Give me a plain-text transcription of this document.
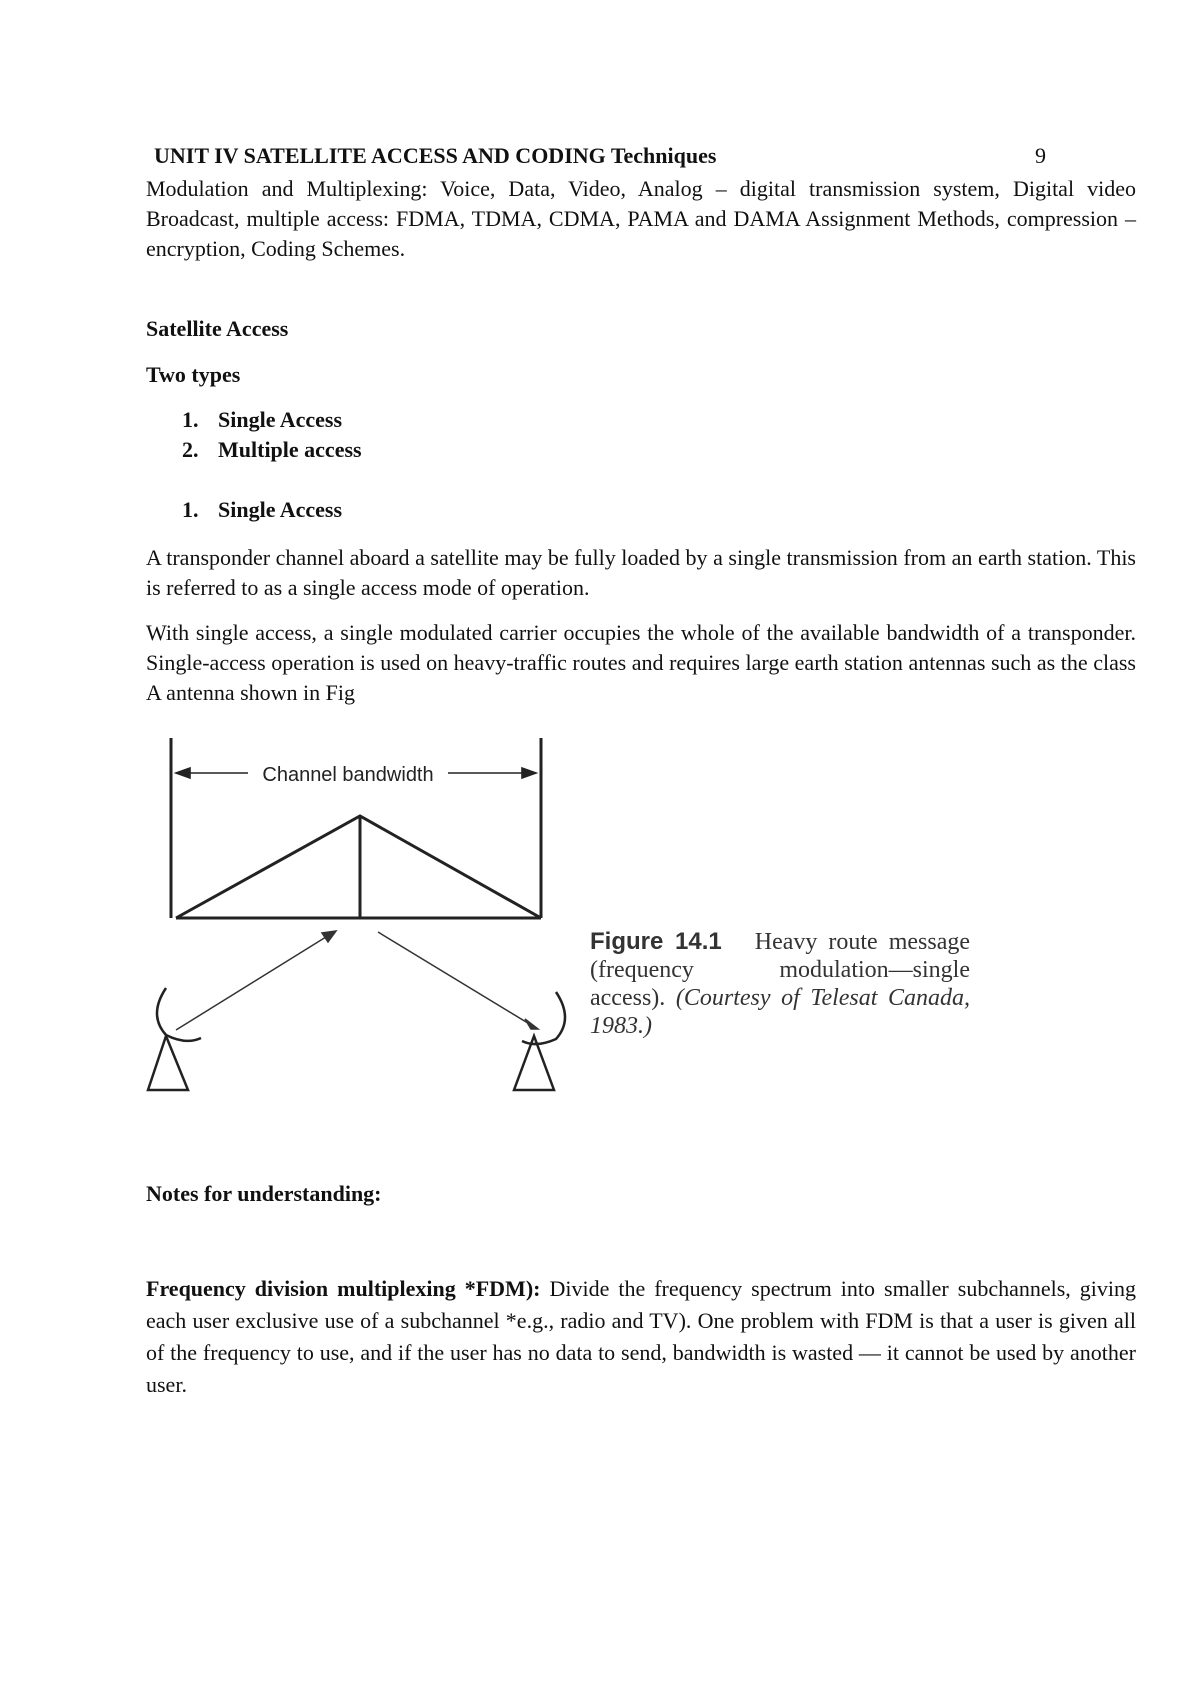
UNIT IV SATELLITE ACCESS AND CODING Techniques	9

Modulation and Multiplexing: Voice, Data, Video, Analog – digital transmission system, Digital video Broadcast, multiple access: FDMA, TDMA, CDMA, PAMA and DAMA Assignment Methods, compression – encryption, Coding Schemes.

Satellite Access

Two types

1. Single Access
2. Multiple access
1. Single Access

A transponder channel aboard a satellite may be fully loaded by a single transmission from an earth station. This is referred to as a single access mode of operation.

With single access, a single modulated carrier occupies the whole of the available bandwidth of a transponder. Single-access operation is used on heavy-traffic routes and requires large earth station antennas such as the class A antenna shown in Fig

Channel bandwidth
Figure 14.1 Heavy route message (frequency modulation—single access). (Courtesy of Telesat Canada, 1983.)

Notes for understanding:

Frequency division multiplexing *FDM): Divide the frequency spectrum into smaller subchannels, giving each user exclusive use of a subchannel *e.g., radio and TV). One problem with FDM is that a user is given all of the frequency to use, and if the user has no data to send, bandwidth is wasted — it cannot be used by another user.
